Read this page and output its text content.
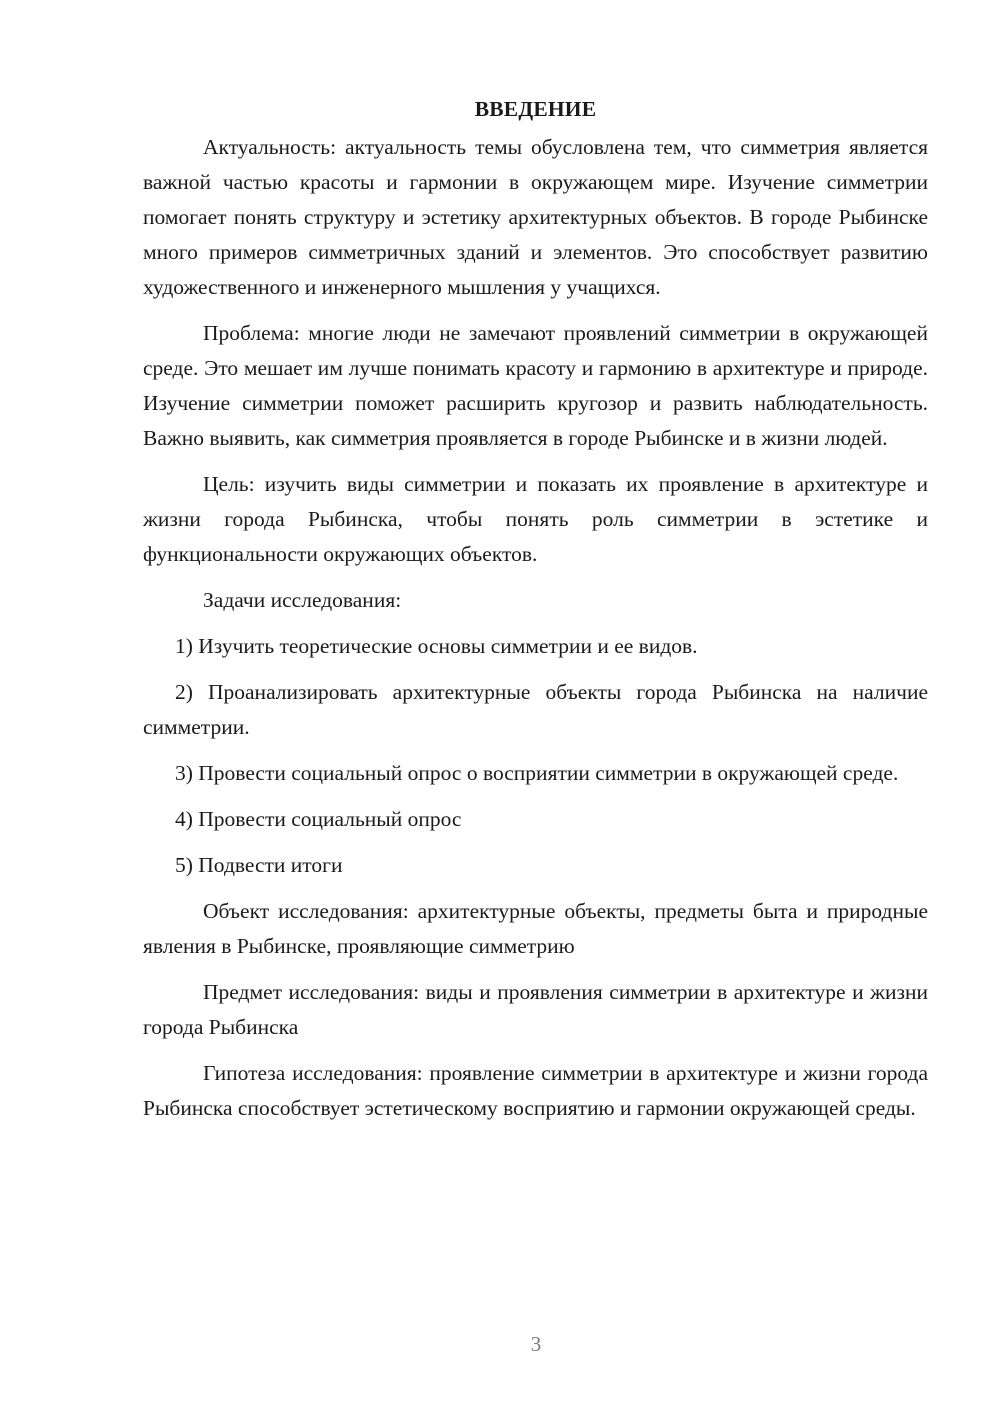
ВВЕДЕНИЕ

Актуальность: актуальность темы обусловлена тем, что симметрия является важной частью красоты и гармонии в окружающем мире. Изучение симметрии помогает понять структуру и эстетику архитектурных объектов. В городе Рыбинске много примеров симметричных зданий и элементов. Это способствует развитию художественного и инженерного мышления у учащихся.

Проблема: многие люди не замечают проявлений симметрии в окружающей среде. Это мешает им лучше понимать красоту и гармонию в архитектуре и природе. Изучение симметрии поможет расширить кругозор и развить наблюдательность. Важно выявить, как симметрия проявляется в городе Рыбинске и в жизни людей.

Цель: изучить виды симметрии и показать их проявление в архитектуре и жизни города Рыбинска, чтобы понять роль симметрии в эстетике и функциональности окружающих объектов.

Задачи исследования:

1) Изучить теоретические основы симметрии и ее видов.

2) Проанализировать архитектурные объекты города Рыбинска на наличие симметрии.

3) Провести социальный опрос о восприятии симметрии в окружающей среде.

4) Провести социальный опрос

5) Подвести итоги

Объект исследования: архитектурные объекты, предметы быта и природные явления в Рыбинске, проявляющие симметрию

Предмет исследования: виды и проявления симметрии в архитектуре и жизни города Рыбинска

Гипотеза исследования: проявление симметрии в архитектуре и жизни города Рыбинска способствует эстетическому восприятию и гармонии окружающей среды.

3
